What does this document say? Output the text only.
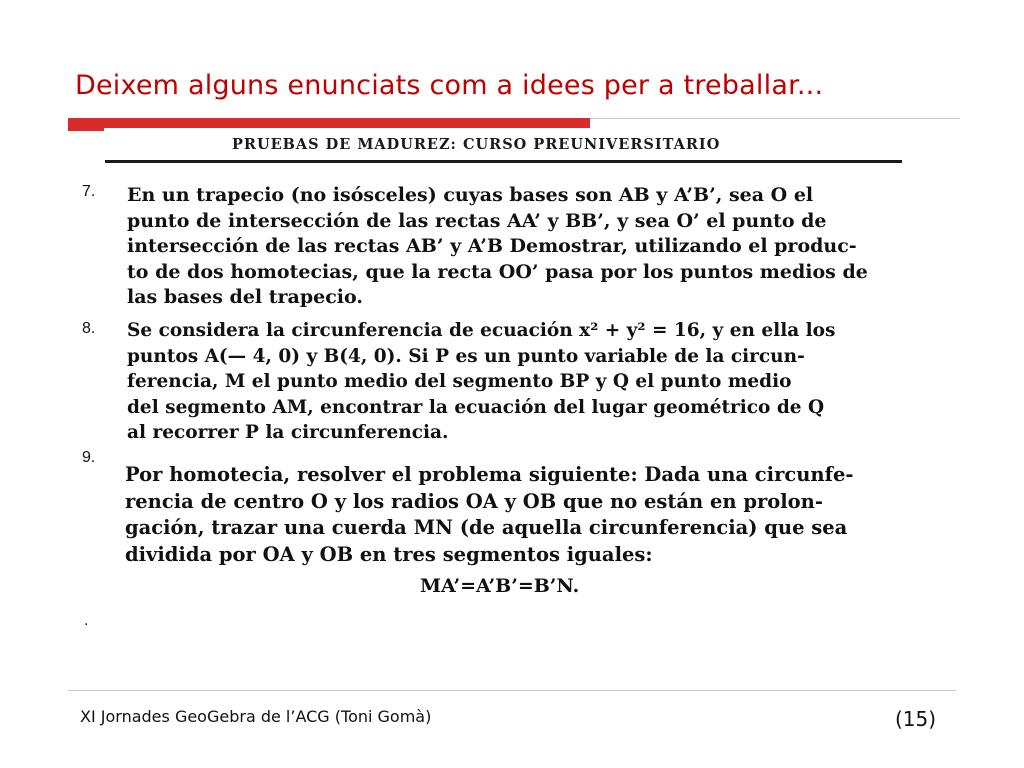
Deixem alguns enunciats com a idees per a treballar...
PRUEBAS DE MADUREZ: CURSO PREUNIVERSITARIO
7. En un trapecio (no isósceles) cuyas bases son AB y A’B’, sea O el
punto de intersección de las rectas AA’ y BB’, y sea O’ el punto de
intersección de las rectas AB’ y A’B Demostrar, utilizando el produc-
to de dos homotecias, que la recta OO’ pasa por los puntos medios de
las bases del trapecio.
8. Se considera la circunferencia de ecuación x² + y² = 16, y en ella los
puntos A(— 4, 0) y B(4, 0). Si P es un punto variable de la circun-
ferencia, M el punto medio del segmento BP y Q el punto medio
del segmento AM, encontrar la ecuación del lugar geométrico de Q
al recorrer P la circunferencia.
9.
Por homotecia, resolver el problema siguiente: Dada una circunfe-
rencia de centro O y los radios OA y OB que no están en prolon-
gación, trazar una cuerda MN (de aquella circunferencia) que sea
dividida por OA y OB en tres segmentos iguales:
MA’=A’B’=B’N.
.
XI Jornades GeoGebra de l’ACG (Toni Gomà)	(15)
